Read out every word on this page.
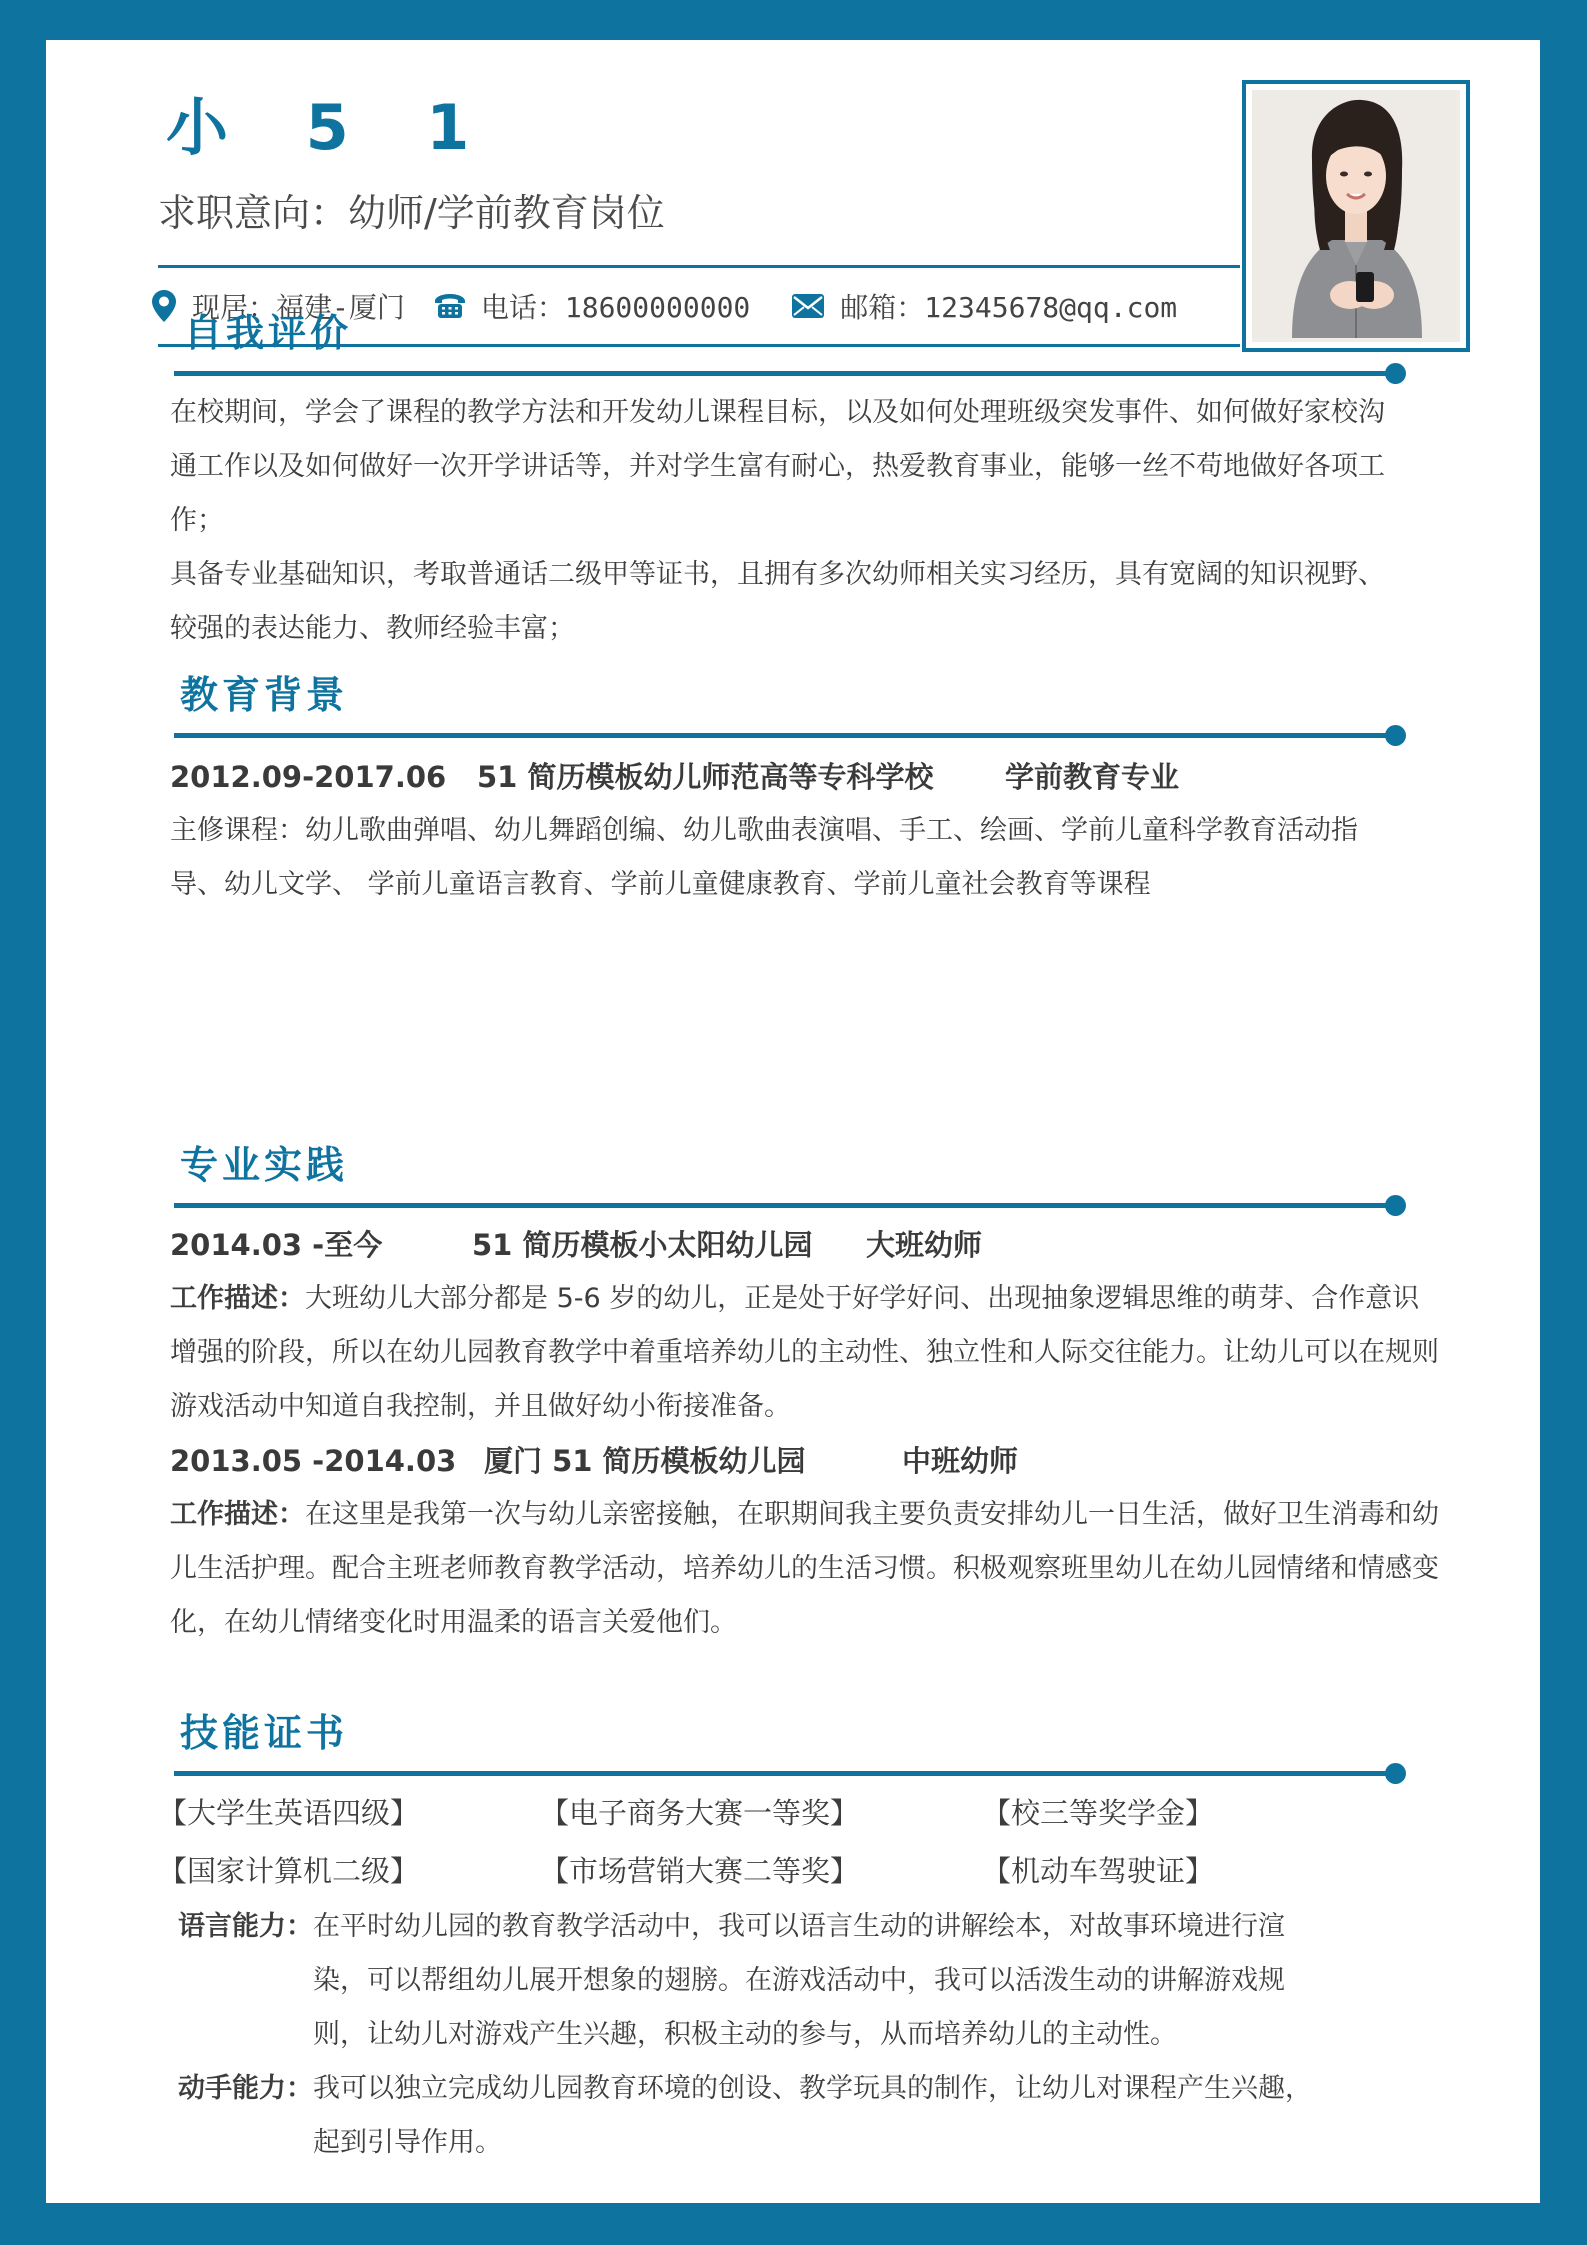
小 5 1
求职意向：幼师/学前教育岗位
现居：福建-厦门	电话：18600000000	邮箱：12345678@qq.com
自我评价
在校期间，学会了课程的教学方法和开发幼儿课程目标，以及如何处理班级突发事件、如何做好家校沟通工作以及如何做好一次开学讲话等，并对学生富有耐心，热爱教育事业，能够一丝不苟地做好各项工作；
具备专业基础知识，考取普通话二级甲等证书，且拥有多次幼师相关实习经历，具有宽阔的知识视野、较强的表达能力、教师经验丰富；
教育背景
2012.09-2017.06	51 简历模板幼儿师范高等专科学校	学前教育专业
主修课程：幼儿歌曲弹唱、幼儿舞蹈创编、幼儿歌曲表演唱、手工、绘画、学前儿童科学教育活动指导、幼儿文学、 学前儿童语言教育、学前儿童健康教育、学前儿童社会教育等课程
专业实践
2014.03 -至今	51 简历模板小太阳幼儿园	大班幼师
工作描述：大班幼儿大部分都是 5-6 岁的幼儿，正是处于好学好问、出现抽象逻辑思维的萌芽、合作意识增强的阶段，所以在幼儿园教育教学中着重培养幼儿的主动性、独立性和人际交往能力。让幼儿可以在规则游戏活动中知道自我控制，并且做好幼小衔接准备。
2013.05 -2014.03 厦门 51 简历模板幼儿园	中班幼师
工作描述：在这里是我第一次与幼儿亲密接触，在职期间我主要负责安排幼儿一日生活，做好卫生消毒和幼儿生活护理。配合主班老师教育教学活动，培养幼儿的生活习惯。积极观察班里幼儿在幼儿园情绪和情感变化，在幼儿情绪变化时用温柔的语言关爱他们。
技能证书
【大学生英语四级】	【电子商务大赛一等奖】	【校三等奖学金】
【国家计算机二级】	【市场营销大赛二等奖】	【机动车驾驶证】
语言能力： 在平时幼儿园的教育教学活动中，我可以语言生动的讲解绘本，对故事环境进行渲染，可以帮组幼儿展开想象的翅膀。在游戏活动中，我可以活泼生动的讲解游戏规则，让幼儿对游戏产生兴趣，积极主动的参与，从而培养幼儿的主动性。
动手能力： 我可以独立完成幼儿园教育环境的创设、教学玩具的制作，让幼儿对课程产生兴趣，起到引导作用。
